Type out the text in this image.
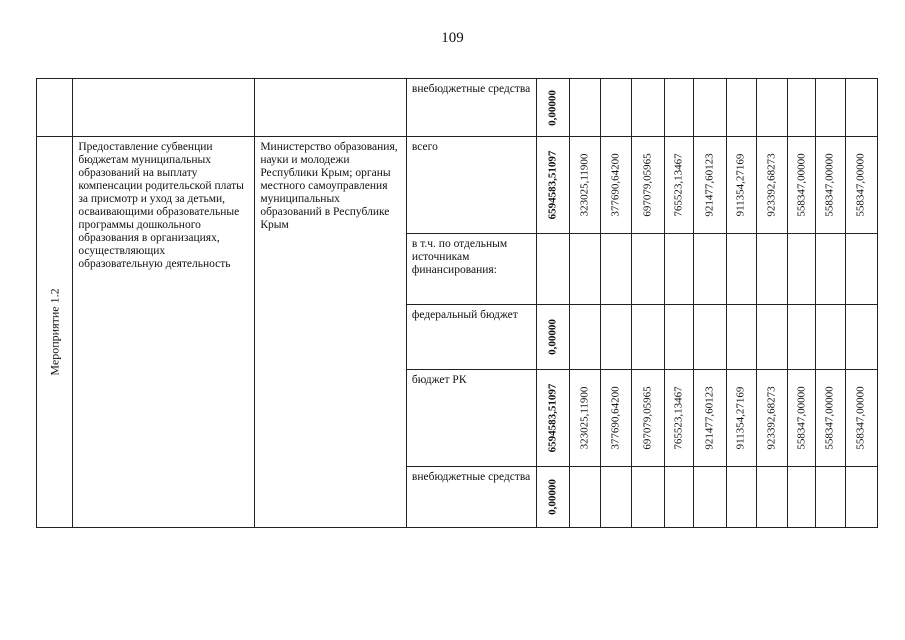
109

			внебюджетные средства	0,00000										

Мероприятие 1.2	Предоставление субвенции бюджетам муниципальных образований на выплату компенсации родительской платы за присмотр и уход за детьми, осваивающими образовательные программы дошкольного образования в организациях, осуществляющих образовательную деятельность	Министерство образования, науки и молодежи Республики Крым; органы местного самоуправления муниципальных образований в Республике Крым	всего	6594583,51097	323025,11900	377690,64200	697079,05965	765523,13467	921477,60123	911354,27169	923392,68273	558347,00000	558347,00000	558347,00000

			в т.ч. по отдельным источникам финансирования:											

			федеральный бюджет	0,00000										

			бюджет РК	6594583,51097	323025,11900	377690,64200	697079,05965	765523,13467	921477,60123	911354,27169	923392,68273	558347,00000	558347,00000	558347,00000

			внебюджетные средства	0,00000										
